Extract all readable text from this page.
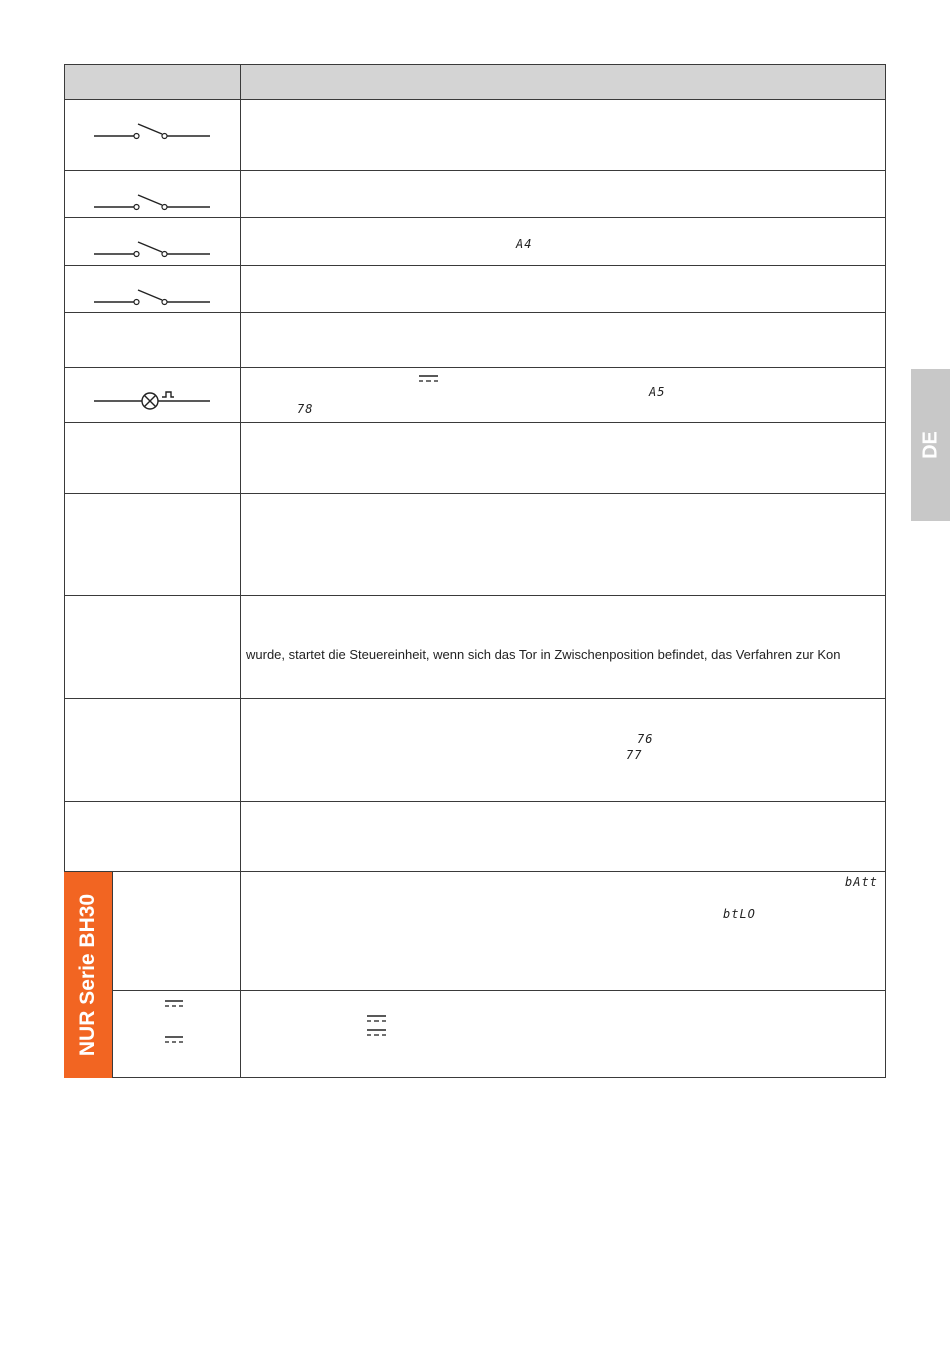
NUR Serie BH30
A4
A5
78
wurde, startet die Steuereinheit, wenn sich das Tor in Zwischenposition befindet, das Verfahren zur Kon
76
77
bAtt
btLO
DE
